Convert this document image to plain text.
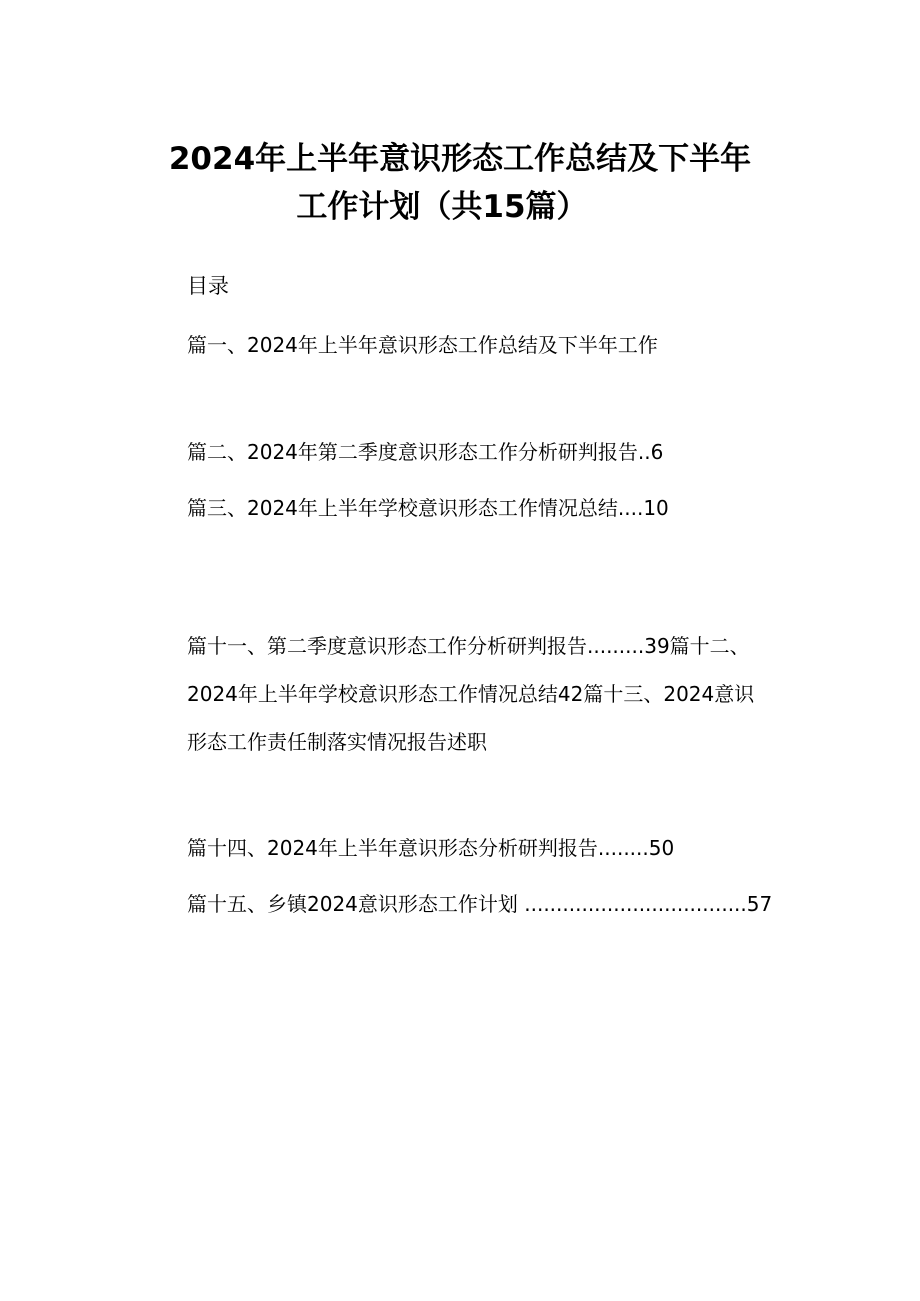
2024年上半年意识形态工作总结及下半年
工作计划（共15篇）
目录
篇一、2024年上半年意识形态工作总结及下半年工作
篇二、2024年第二季度意识形态工作分析研判报告..6
篇三、2024年上半年学校意识形态工作情况总结....10
篇十一、第二季度意识形态工作分析研判报告.........39篇十二、
2024年上半年学校意识形态工作情况总结42篇十三、2024意识
形态工作责任制落实情况报告述职
篇十四、2024年上半年意识形态分析研判报告........50
篇十五、乡镇2024意识形态工作计划 ...................................57
